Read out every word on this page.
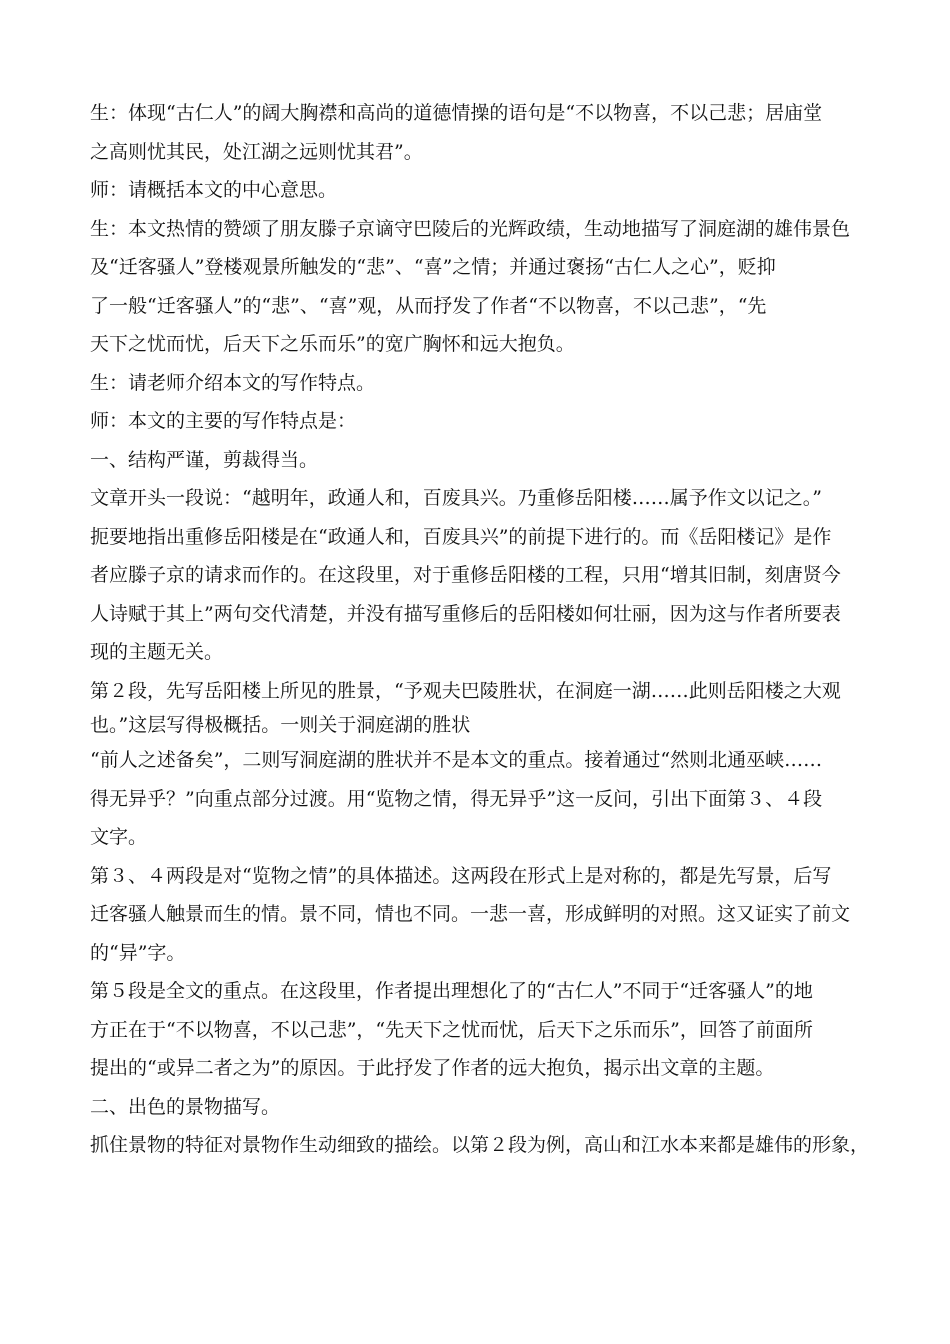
生：体现“古仁人”的阔大胸襟和高尚的道德情操的语句是“不以物喜，不以己悲；居庙堂
之高则忧其民，处江湖之远则忧其君”。
师：请概括本文的中心意思。
生：本文热情的赞颂了朋友滕子京谪守巴陵后的光辉政绩，生动地描写了洞庭湖的雄伟景色
及“迁客骚人”登楼观景所触发的“悲”、“喜”之情；并通过褒扬“古仁人之心”，贬抑
了一般“迁客骚人”的“悲”、“喜”观，从而抒发了作者“不以物喜，不以己悲”，“先
天下之忧而忧，后天下之乐而乐”的宽广胸怀和远大抱负。
生：请老师介绍本文的写作特点。
师：本文的主要的写作特点是：
一、结构严谨，剪裁得当。
文章开头一段说：“越明年，政通人和，百废具兴。乃重修岳阳楼……属予作文以记之。”
扼要地指出重修岳阳楼是在“政通人和，百废具兴”的前提下进行的。而《岳阳楼记》是作
者应滕子京的请求而作的。在这段里，对于重修岳阳楼的工程，只用“增其旧制，刻唐贤今
人诗赋于其上”两句交代清楚，并没有描写重修后的岳阳楼如何壮丽，因为这与作者所要表
现的主题无关。
第２段，先写岳阳楼上所见的胜景，“予观夫巴陵胜状，在洞庭一湖……此则岳阳楼之大观
也。”这层写得极概括。一则关于洞庭湖的胜状
“前人之述备矣”，二则写洞庭湖的胜状并不是本文的重点。接着通过“然则北通巫峡……
得无异乎？”向重点部分过渡。用“览物之情，得无异乎”这一反问，引出下面第３、４段
文字。
第３、４两段是对“览物之情”的具体描述。这两段在形式上是对称的，都是先写景，后写
迁客骚人触景而生的情。景不同，情也不同。一悲一喜，形成鲜明的对照。这又证实了前文
的“异”字。
第５段是全文的重点。在这段里，作者提出理想化了的“古仁人”不同于“迁客骚人”的地
方正在于“不以物喜，不以己悲”，“先天下之忧而忧，后天下之乐而乐”，回答了前面所
提出的“或异二者之为”的原因。于此抒发了作者的远大抱负，揭示出文章的主题。
二、出色的景物描写。
抓住景物的特征对景物作生动细致的描绘。以第２段为例，高山和江水本来都是雄伟的形象，
